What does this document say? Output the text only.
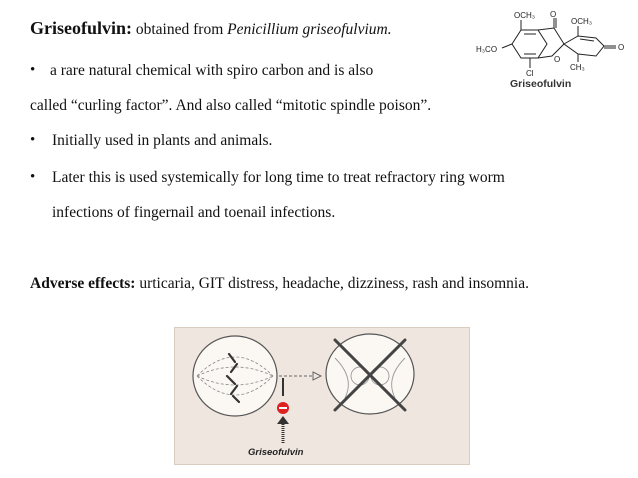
Griseofulvin: obtained from Penicillium griseofulvium.
• a rare natural chemical with spiro carbon and is also
called “curling factor”. And also called “mitotic spindle poison”.
• Initially used in plants and animals.
• Later this is used systemically for long time to treat refractory ring worm
infections of fingernail and toenail infections.
Adverse effects: urticaria, GIT distress, headache, dizziness, rash and insomnia.
OCH₃ O
OCH₃
H₃CO
O
CH₃
O
Cl
Griseofulvin
Griseofulvin
